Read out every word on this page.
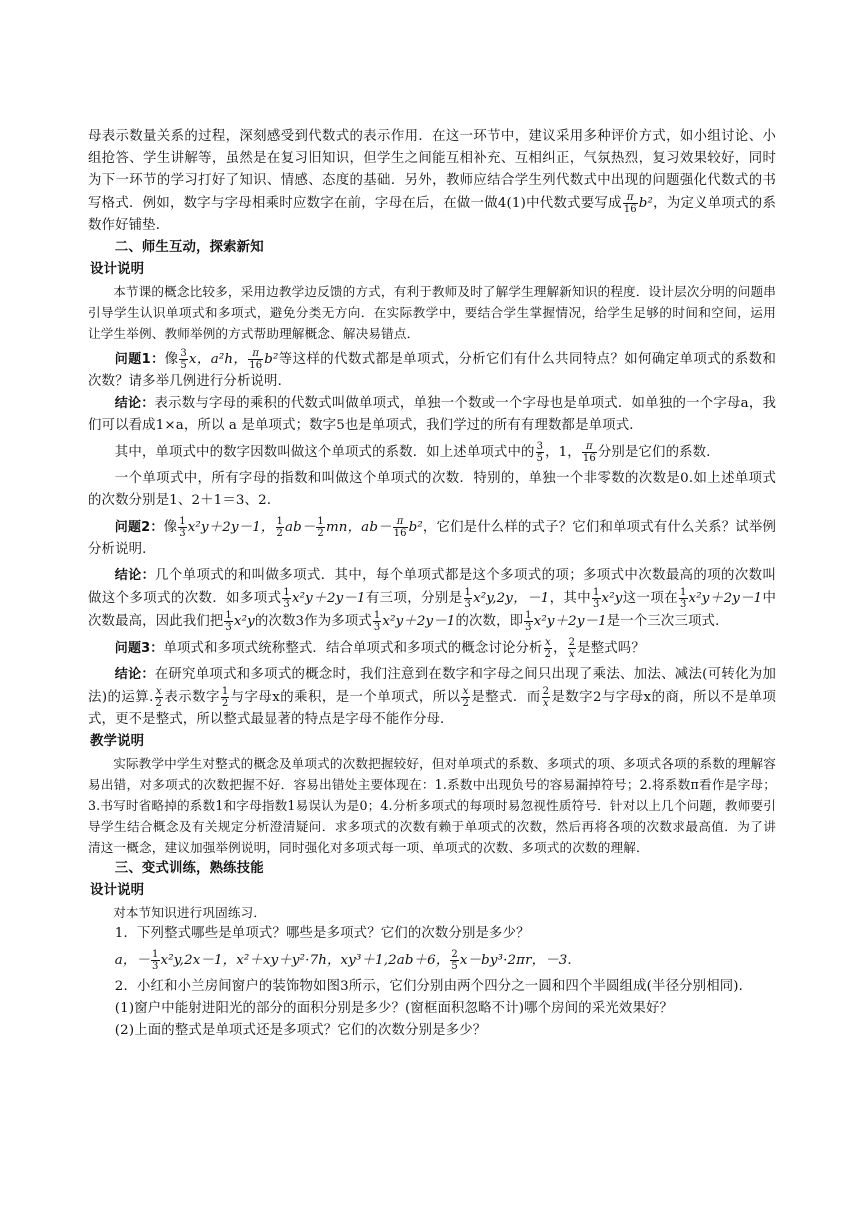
母表示数量关系的过程，深刻感受到代数式的表示作用．在这一环节中，建议采用多种评价方式，如小组讨论、小组抢答、学生讲解等，虽然是在复习旧知识，但学生之间能互相补充、互相纠正，气氛热烈，复习效果较好，同时为下一环节的学习打好了知识、情感、态度的基础．另外，教师应结合学生列代数式中出现的问题强化代数式的书写格式．例如，数字与字母相乘时应数字在前，字母在后，在做一做4(1)中代数式要写成 $\frac{\pi}{16} b^2$，为定义单项式的系数作好铺垫．

二、师生互动，探索新知
设计说明

本节课的概念比较多，采用边教学边反馈的方式，有利于教师及时了解学生理解新知识的程度．设计层次分明的问题串引导学生认识单项式和多项式，避免分类无方向．在实际教学中，要结合学生掌握情况，给学生足够的时间和空间，运用让学生举例、教师举例的方式帮助理解概念、解决易错点．

问题1：像 $\frac{3}{5}$ x，a²h， $\frac{\pi}{16} b^2$等这样的代数式都是单项式，分析它们有什么共同特点？如何确定单项式的系数和次数？请多举几例进行分析说明．

结论：表示数与字母的乘积的代数式叫做单项式，单独一个数或一个字母也是单项式．如单独的一个字母a，我们可以看成1×a，所以 a 是单项式；数字5也是单项式，我们学过的所有有理数都是单项式．

其中，单项式中的数字因数叫做这个单项式的系数．如上述单项式中的 $\frac{3}{5}$ ，1， $\frac{\pi}{16}$ 分别是它们的系数．

一个单项式中，所有字母的指数和叫做这个单项式的次数．特别的，单独一个非零数的次数是0.如上述单项式的次数分别是1、2＋1＝3、2.

问题2：像 $\frac{1}{3} x^2y+2y-1$， $\frac{1}{2} ab- \frac{1}{2}$ mn，$ab- \frac{\pi}{16} b^2$，它们是什么样的式子？它们和单项式有什么关系？试举例分析说明．

结论：几个单项式的和叫做多项式．其中，每个单项式都是这个多项式的项；多项式中次数最高的项的次数叫做这个多项式的次数．如多项式 $\frac{1}{3} x^2y+2y-1$有三项，分别是 $\frac{1}{3} x^2y,2y$，－1，其中 $\frac{1}{3} x^2y$这一项在 $\frac{1}{3} x^2y+2y-1$中次数最高，因此我们把 $\frac{1}{3} x^2y$的次数3作为多项式 $\frac{1}{3} x^2y+2y-1$的次数，即 $\frac{1}{3} x^2y+2y-1$是一个三次三项式．

问题3：单项式和多项式统称整式．结合单项式和多项式的概念讨论分析 $\frac{x}{2}$ ， $\frac{2}{x}$ 是整式吗？

结论：在研究单项式和多项式的概念时，我们注意到在数字和字母之间只出现了乘法、加法、减法(可转化为加法)的运算. $\frac{x}{2}$ 表示数字 $\frac{1}{2}$ 与字母x的乘积，是一个单项式，所以 $\frac{x}{2}$ 是整式．而 $\frac{2}{x}$ 是数字2与字母x的商，所以不是单项式，更不是整式，所以整式最显著的特点是字母不能作分母．

教学说明

实际教学中学生对整式的概念及单项式的次数把握较好，但对单项式的系数、多项式的项、多项式各项的系数的理解容易出错，对多项式的次数把握不好．容易出错处主要体现在：1.系数中出现负号的容易漏掉符号；2.将系数π看作是字母；3.书写时省略掉的系数1和字母指数1易误认为是0；4.分析多项式的每项时易忽视性质符号．针对以上几个问题，教师要引导学生结合概念及有关规定分析澄清疑问．求多项式的次数有赖于单项式的次数，然后再将各项的次数求最高值．为了讲清这一概念，建议加强举例说明，同时强化对多项式每一项、单项式的次数、多项式的次数的理解．

三、变式训练，熟练技能
设计说明

对本节知识进行巩固练习．

1．下列整式哪些是单项式？哪些是多项式？它们的次数分别是多少？

a，－ $\frac{1}{3} x^2y,2x-1$，x²＋xy＋y²·7h，xy³＋1,2ab＋6， $\frac{2}{5} x-by^3\cdot 2\pi r$，－3.

2．小红和小兰房间窗户的装饰物如图3所示，它们分别由两个四分之一圆和四个半圆组成(半径分别相同)．

(1)窗户中能射进阳光的部分的面积分别是多少？(窗框面积忽略不计)哪个房间的采光效果好？

(2)上面的整式是单项式还是多项式？它们的次数分别是多少？
